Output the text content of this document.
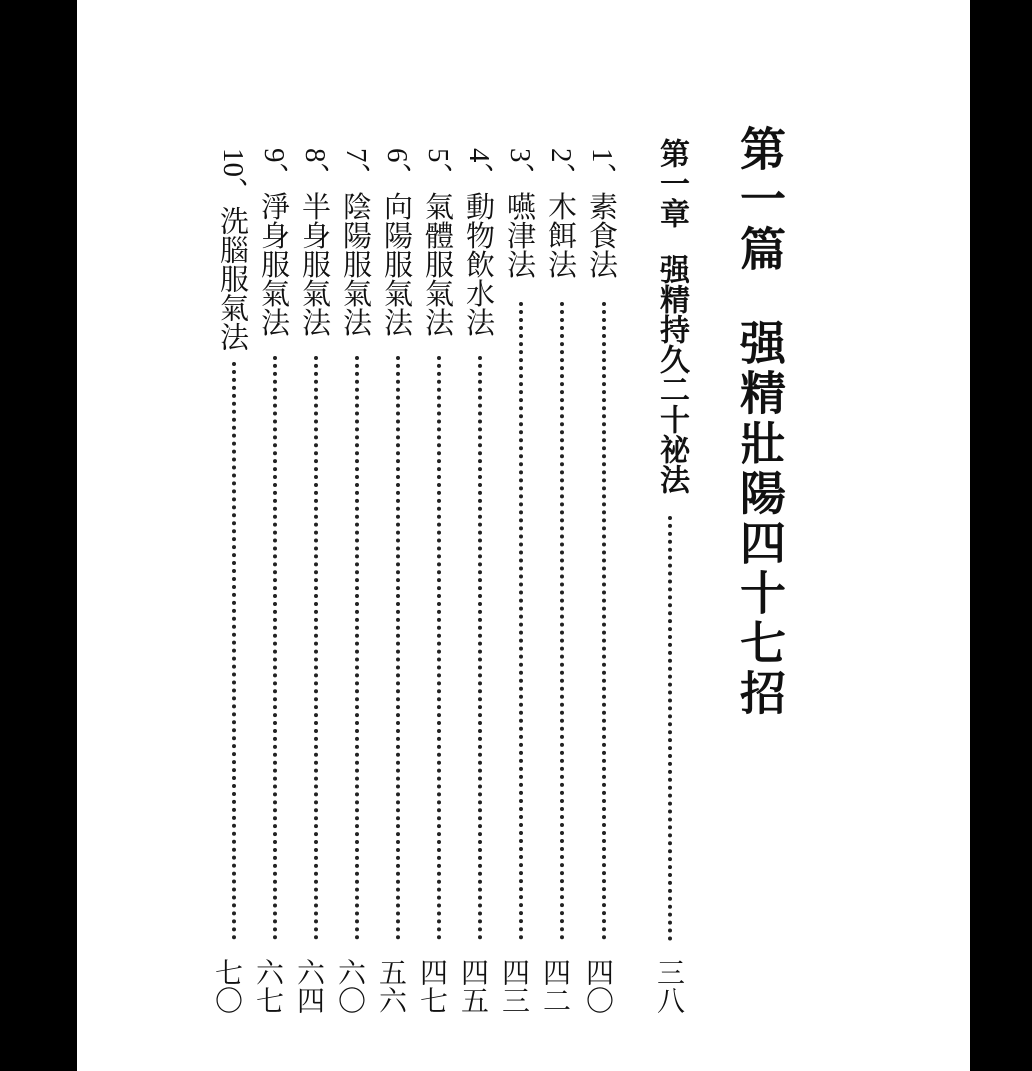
第一篇强精壯陽四十七招
第一章强精持久二十祕法
三八
1、素食法
四〇
2、木餌法
四二
3、嚥津法
四三
4、動物飲水法
四五
5、氣體服氣法
四七
6、向陽服氣法
五六
7、陰陽服氣法
六〇
8、半身服氣法
六四
9、淨身服氣法
六七
10、洗腦服氣法
七〇
